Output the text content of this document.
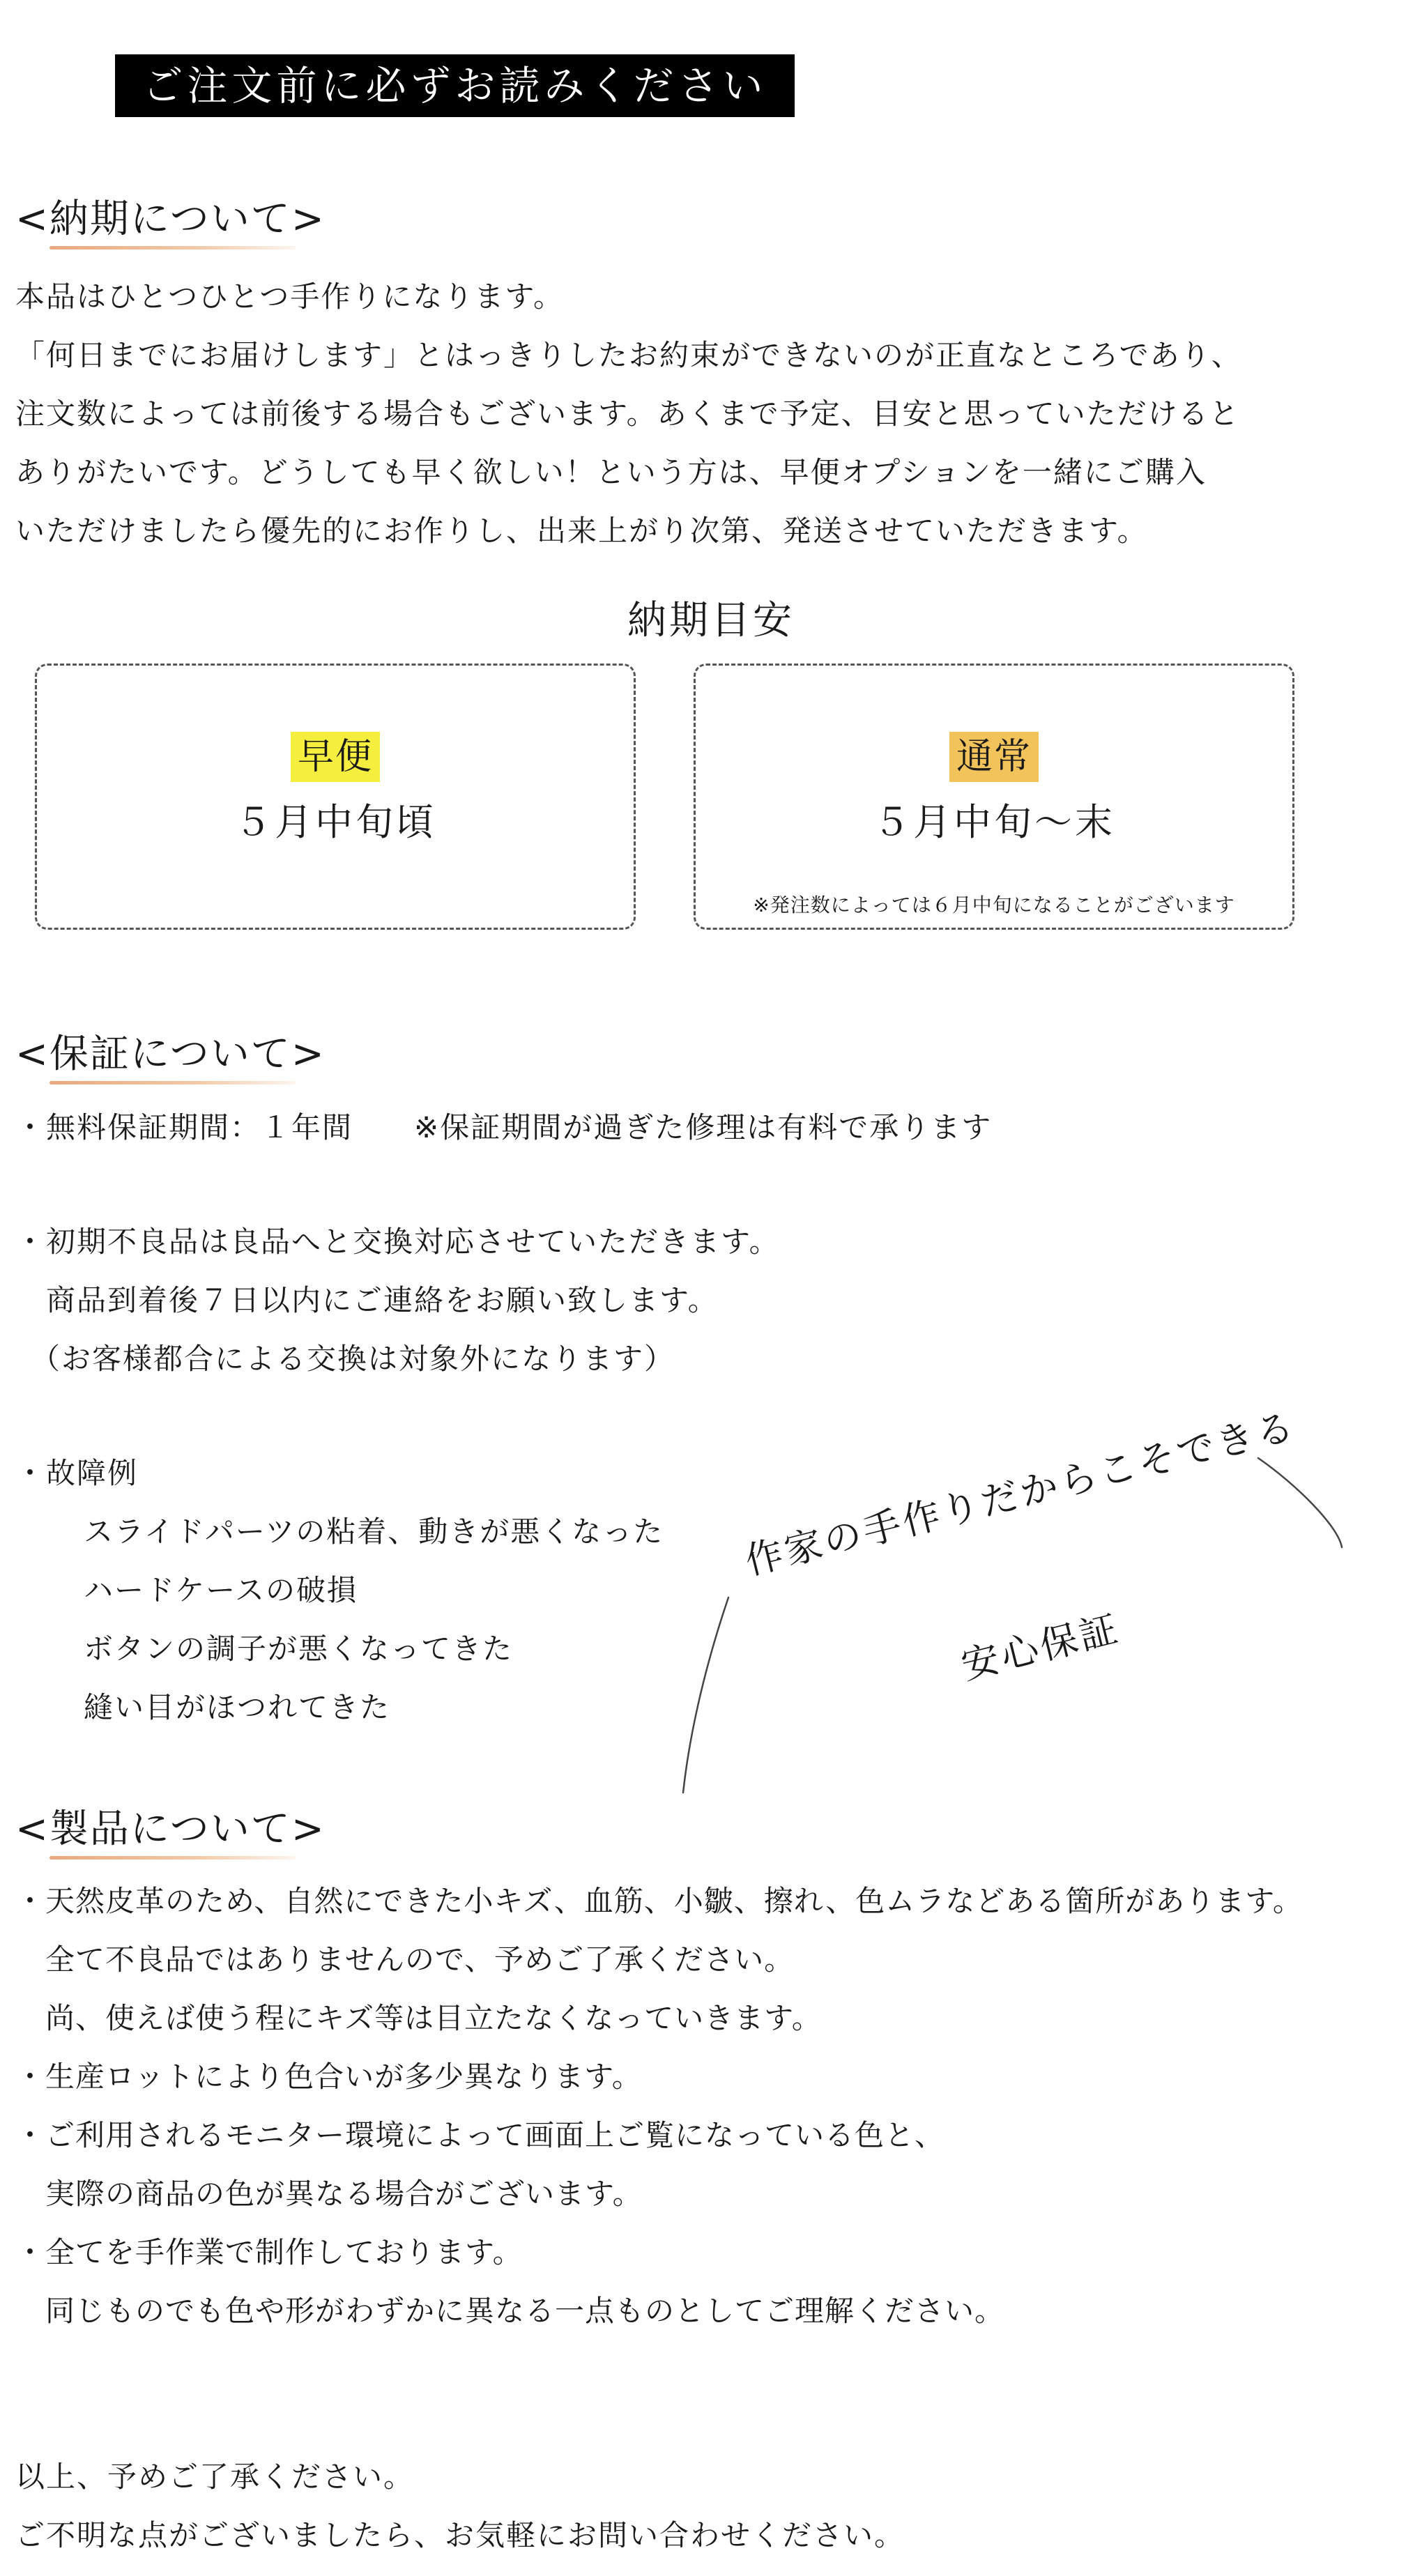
ご注文前に必ずお読みください
<納期について>
本品はひとつひとつ手作りになります。
「何日までにお届けします」とはっきりしたお約束ができないのが正直なところであり、
注文数によっては前後する場合もございます。あくまで予定、目安と思っていただけると
ありがたいです。どうしても早く欲しい！という方は、早便オプションを一緒にご購入
いただけましたら優先的にお作りし、出来上がり次第、発送させていただきます。
納期目安
早便
５月中旬頃
通常
５月中旬〜末
※発注数によっては６月中旬になることがございます
<保証について>
・無料保証期間：１年間　　※保証期間が過ぎた修理は有料で承ります
・初期不良品は良品へと交換対応させていただきます。
　商品到着後７日以内にご連絡をお願い致します。
（お客様都合による交換は対象外になります）
・故障例
スライドパーツの粘着、動きが悪くなった
ハードケースの破損
ボタンの調子が悪くなってきた
縫い目がほつれてきた
作家の手作りだからこそできる
安心保証
<製品について>
・天然皮革のため、自然にできた小キズ、血筋、小皺、擦れ、色ムラなどある箇所があります。
　全て不良品ではありませんので、予めご了承ください。
　尚、使えば使う程にキズ等は目立たなくなっていきます。
・生産ロットにより色合いが多少異なります。
・ご利用されるモニター環境によって画面上ご覧になっている色と、
　実際の商品の色が異なる場合がございます。
・全てを手作業で制作しております。
　同じものでも色や形がわずかに異なる一点ものとしてご理解ください。
以上、予めご了承ください。
ご不明な点がございましたら、お気軽にお問い合わせください。
